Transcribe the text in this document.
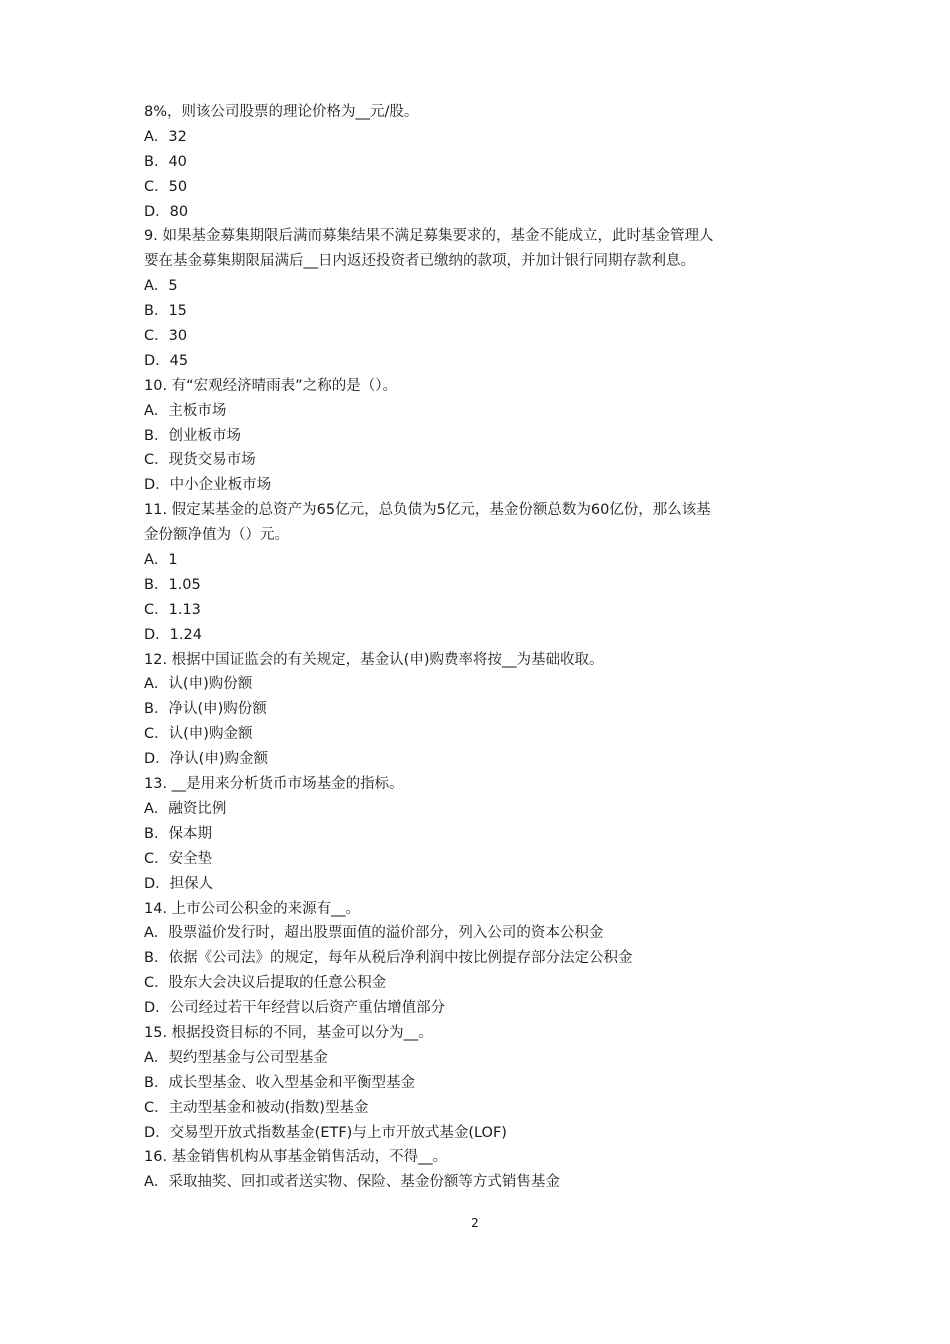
8%，则该公司股票的理论价格为__元/股。
A．32
B．40
C．50
D．80
9. 如果基金募集期限后满而募集结果不满足募集要求的，基金不能成立，此时基金管理人
要在基金募集期限届满后__日内返还投资者已缴纳的款项，并加计银行同期存款利息。
A．5
B．15
C．30
D．45
10. 有“宏观经济晴雨表”之称的是（）。
A．主板市场
B．创业板市场
C．现货交易市场
D．中小企业板市场
11. 假定某基金的总资产为65亿元，总负债为5亿元，基金份额总数为60亿份，那么该基
金份额净值为（）元。
A．1
B．1.05
C．1.13
D．1.24
12. 根据中国证监会的有关规定，基金认(申)购费率将按__为基础收取。
A．认(申)购份额
B．净认(申)购份额
C．认(申)购金额
D．净认(申)购金额
13. __是用来分析货币市场基金的指标。
A．融资比例
B．保本期
C．安全垫
D．担保人
14. 上市公司公积金的来源有__。
A．股票溢价发行时，超出股票面值的溢价部分，列入公司的资本公积金
B．依据《公司法》的规定，每年从税后净利润中按比例提存部分法定公积金
C．股东大会决议后提取的任意公积金
D．公司经过若干年经营以后资产重估增值部分
15. 根据投资目标的不同，基金可以分为__。
A．契约型基金与公司型基金
B．成长型基金、收入型基金和平衡型基金
C．主动型基金和被动(指数)型基金
D．交易型开放式指数基金(ETF)与上市开放式基金(LOF)
16. 基金销售机构从事基金销售活动，不得__。
A．采取抽奖、回扣或者送实物、保险、基金份额等方式销售基金
2
